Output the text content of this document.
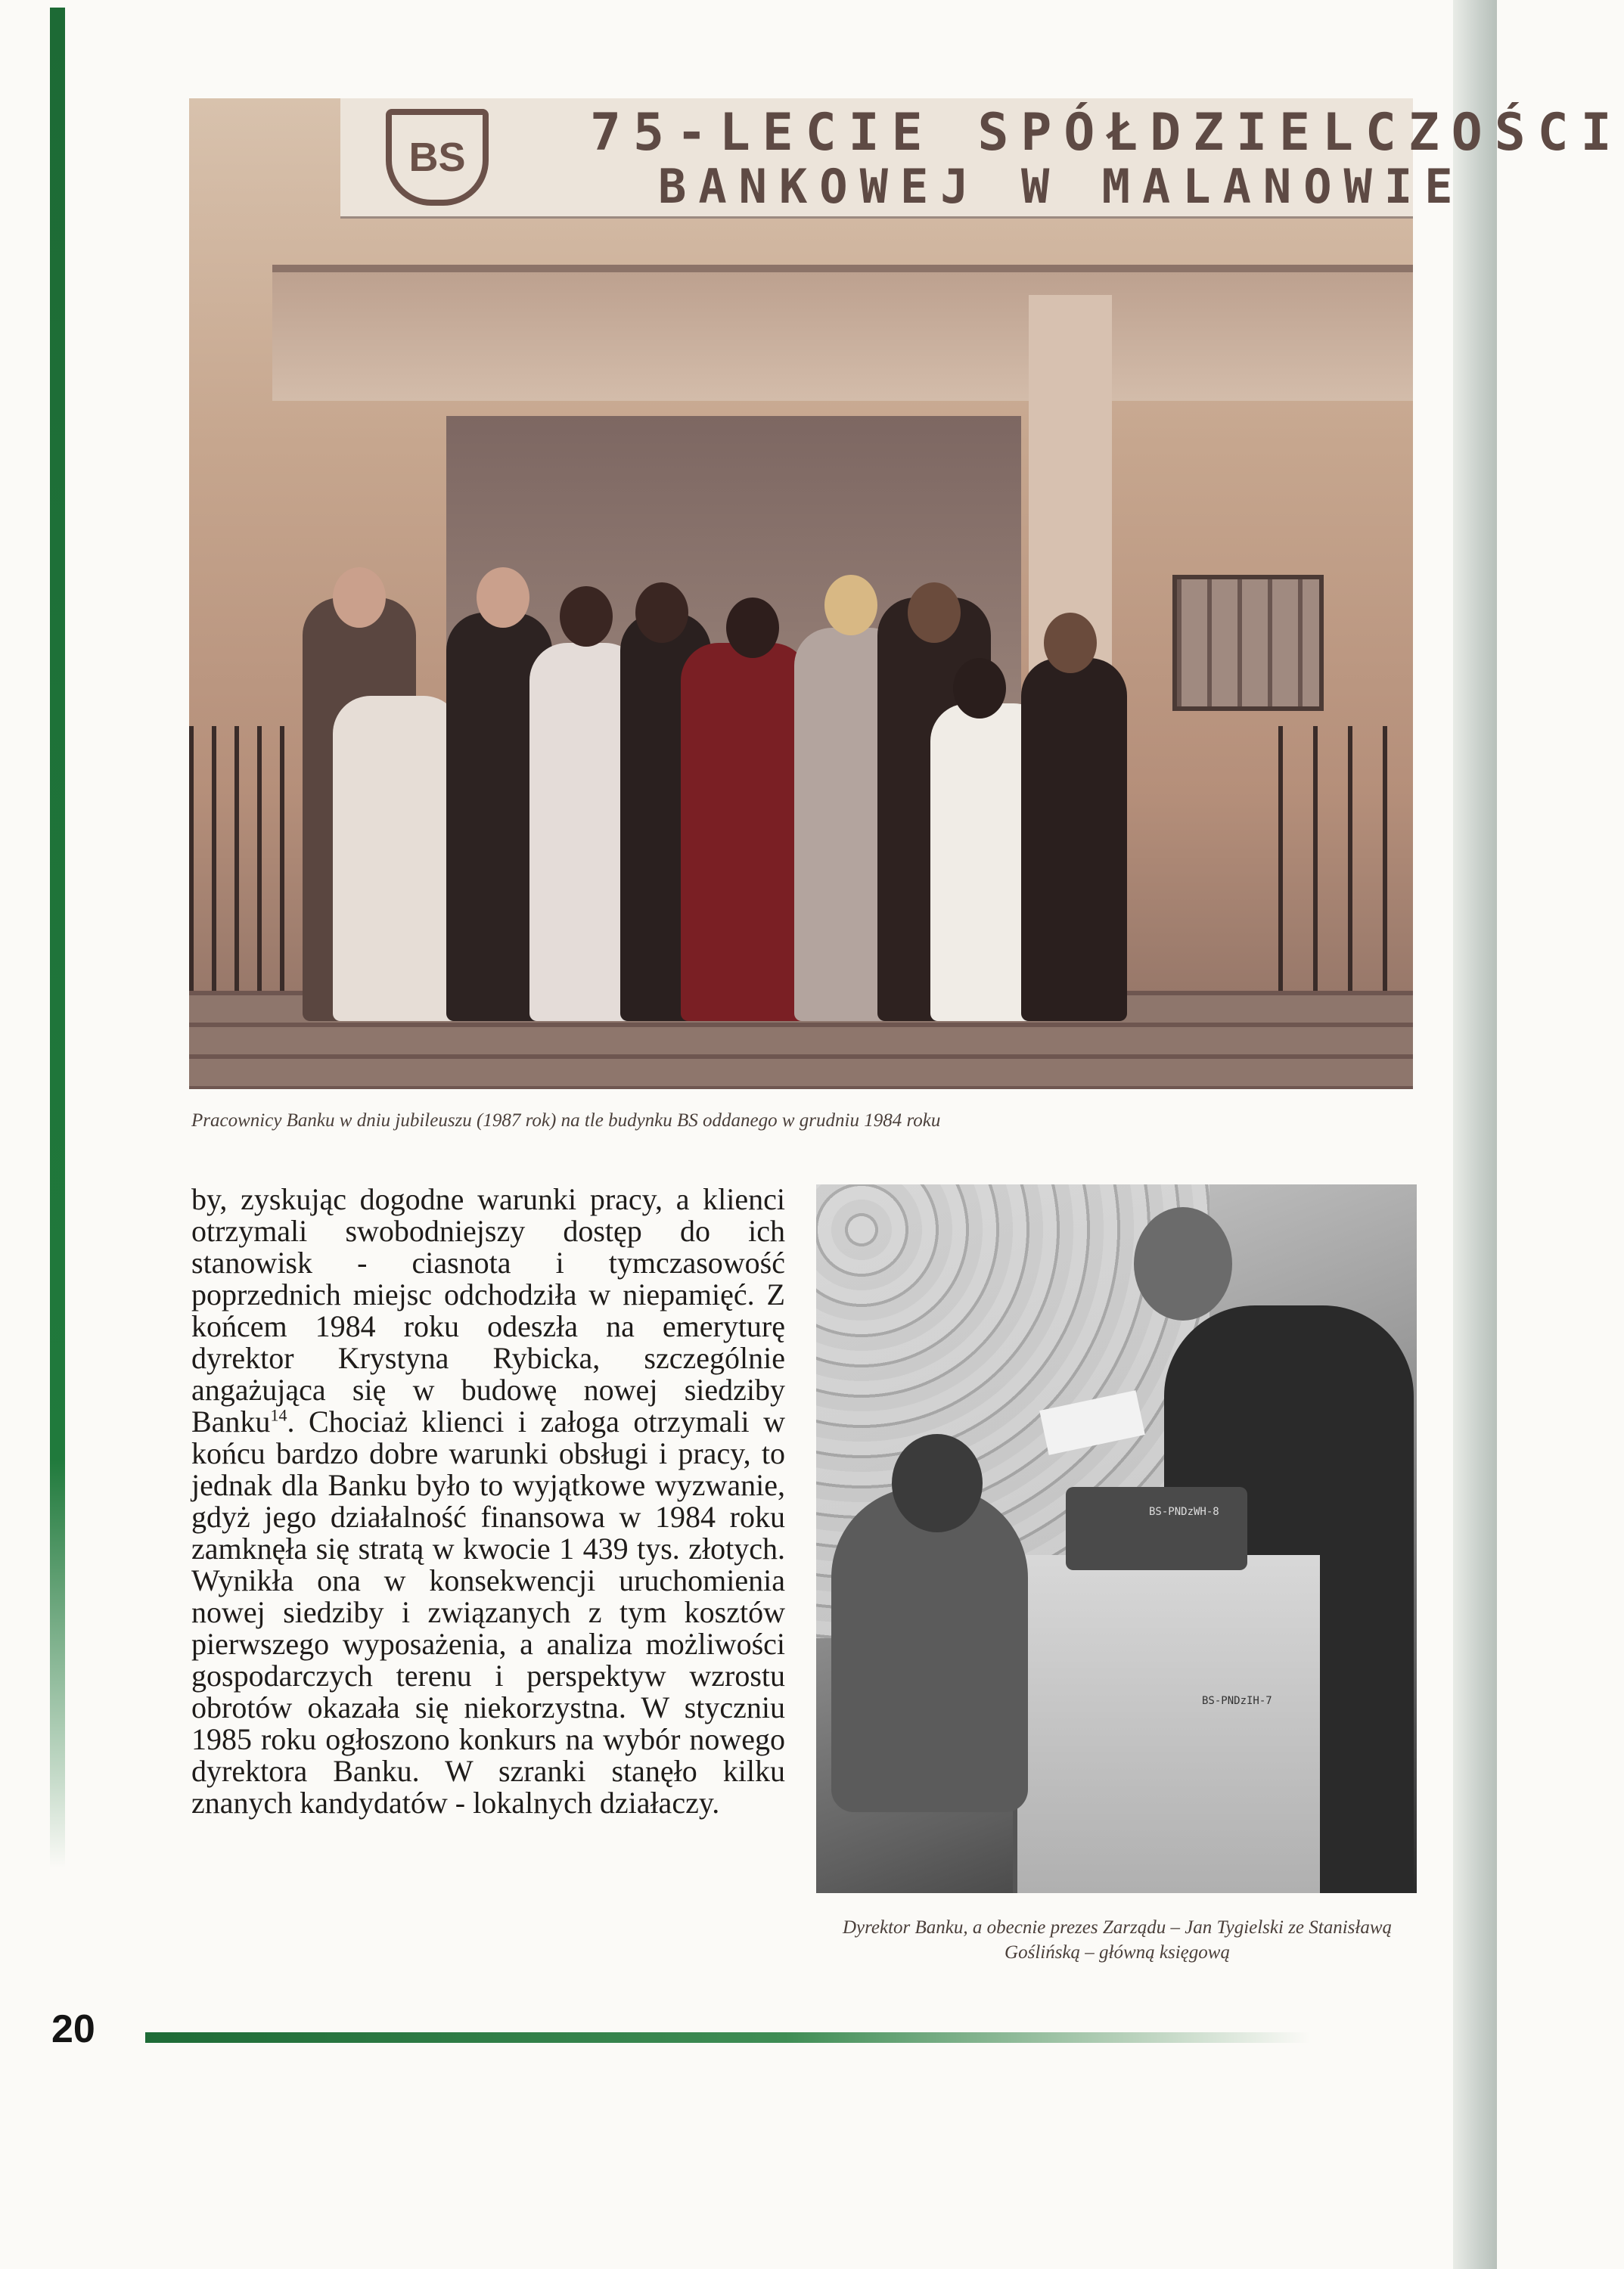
BS	75-LECIE SPÓŁDZIELCZOŚCI
BANKOWEJ W MALANOWIE
Pracownicy Banku w dniu jubileuszu (1987 rok) na tle budynku BS oddanego w grudniu 1984 roku

by, zyskując dogodne warunki pracy, a klienci otrzymali swobodniejszy dostęp do ich stanowisk - ciasnota i tymczasowość poprzednich miejsc odchodziła w niepamięć. Z końcem 1984 roku odeszła na emeryturę dyrektor Krystyna Rybicka, szczególnie angażująca się w budowę nowej siedziby Banku$^{14}$. Chociaż klienci i załoga otrzymali w końcu bardzo dobre warunki obsługi i pracy, to jednak dla Banku było to wyjątkowe wyzwanie, gdyż jego działalność finansowa w 1984 roku zamknęła się stratą w kwocie 1 439 tys. złotych. Wynikła ona w konsekwencji uruchomienia nowej siedziby i związanych z tym kosztów pierwszego wyposażenia, a analiza możliwości gospodarczych terenu i perspektyw wzrostu obrotów okazała się niekorzystna. W styczniu 1985 roku ogłoszono konkurs na wybór nowego dyrektora Banku. W szranki stanęło kilku znanych kandydatów - lokalnych działaczy.

BS-PNDzIH-7
BS-PNDzWH-8
Dyrektor Banku, a obecnie prezes Zarządu – Jan Tygielski ze Stanisławą Goślińską – główną księgową
20
